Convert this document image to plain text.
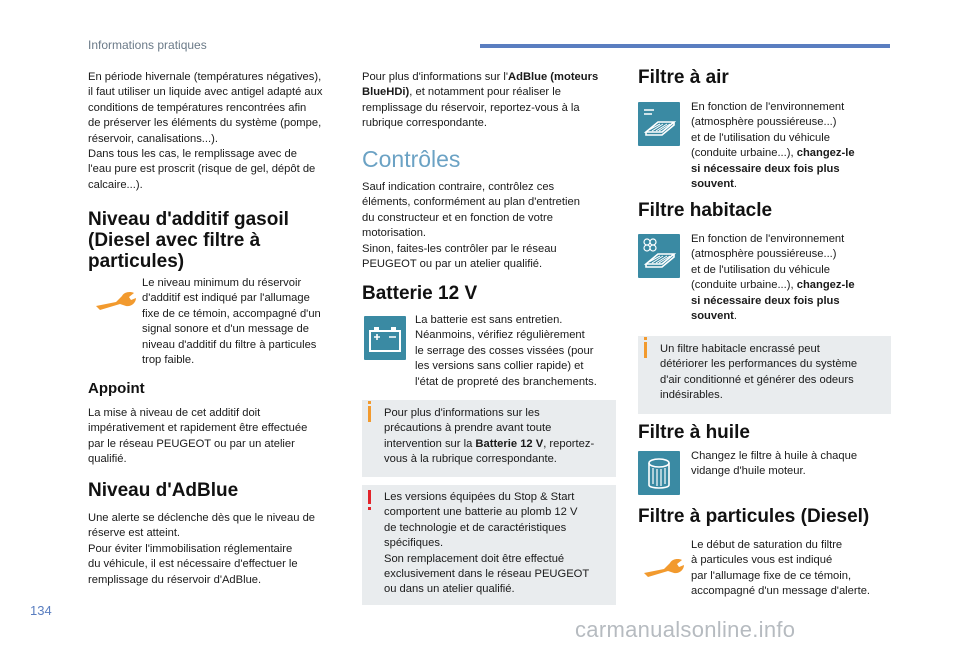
Informations pratiques
En période hivernale (températures négatives),
il faut utiliser un liquide avec antigel adapté aux
conditions de températures rencontrées afin
de préserver les éléments du système (pompe,
réservoir, canalisations...).
Dans tous les cas, le remplissage avec de
l'eau pure est proscrit (risque de gel, dépôt de
calcaire...).
Niveau d'additif gasoil
(Diesel avec filtre à
particules)
Le niveau minimum du réservoir
d'additif est indiqué par l'allumage
fixe de ce témoin, accompagné d'un
signal sonore et d'un message de
niveau d'additif du filtre à particules
trop faible.
Appoint
La mise à niveau de cet additif doit
impérativement et rapidement être effectuée
par le réseau PEUGEOT ou par un atelier
qualifié.
Niveau d'AdBlue
Une alerte se déclenche dès que le niveau de
réserve est atteint.
Pour éviter l'immobilisation réglementaire
du véhicule, il est nécessaire d'effectuer le
remplissage du réservoir d'AdBlue.
Pour plus d'informations sur l'AdBlue (moteurs
BlueHDi), et notamment pour réaliser le
remplissage du réservoir, reportez-vous à la
rubrique correspondante.
Contrôles
Sauf indication contraire, contrôlez ces
éléments, conformément au plan d'entretien
du constructeur et en fonction de votre
motorisation.
Sinon, faites-les contrôler par le réseau
PEUGEOT ou par un atelier qualifié.
Batterie 12 V
La batterie est sans entretien.
Néanmoins, vérifiez régulièrement
le serrage des cosses vissées (pour
les versions sans collier rapide) et
l'état de propreté des branchements.
Pour plus d'informations sur les
précautions à prendre avant toute
intervention sur la Batterie 12 V, reportez-
vous à la rubrique correspondante.
Les versions équipées du Stop & Start
comportent une batterie au plomb 12 V
de technologie et de caractéristiques
spécifiques.
Son remplacement doit être effectué
exclusivement dans le réseau PEUGEOT
ou dans un atelier qualifié.
Filtre à air
En fonction de l'environnement
(atmosphère poussiéreuse...)
et de l'utilisation du véhicule
(conduite urbaine...), changez-le
si nécessaire deux fois plus
souvent.
Filtre habitacle
En fonction de l'environnement
(atmosphère poussiéreuse...)
et de l'utilisation du véhicule
(conduite urbaine...), changez-le
si nécessaire deux fois plus
souvent.
Un filtre habitacle encrassé peut
détériorer les performances du système
d'air conditionné et générer des odeurs
indésirables.
Filtre à huile
Changez le filtre à huile à chaque
vidange d'huile moteur.
Filtre à particules (Diesel)
Le début de saturation du filtre
à particules vous est indiqué
par l'allumage fixe de ce témoin,
accompagné d'un message d'alerte.
134
carmanualsonline.info
